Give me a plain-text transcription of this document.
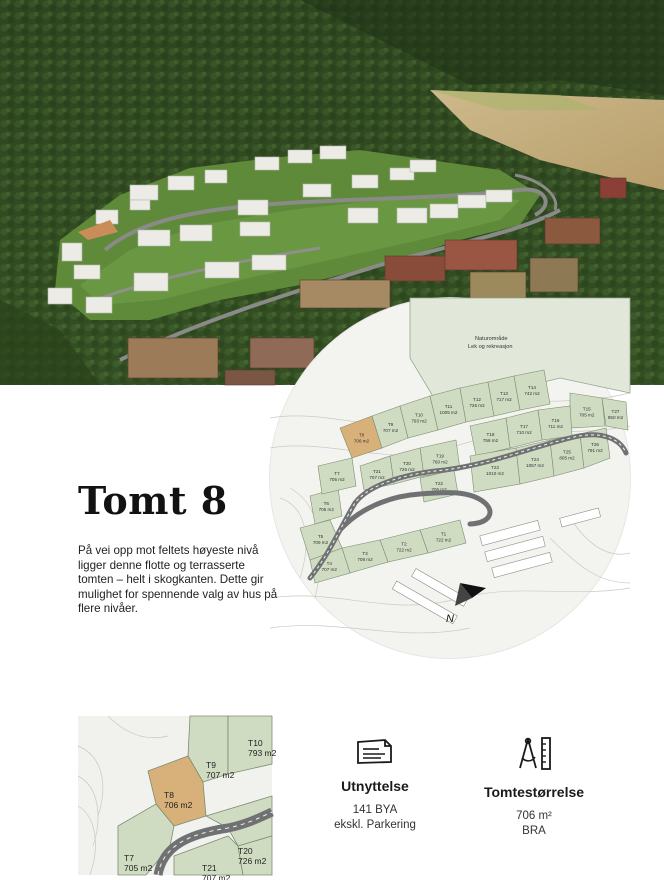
Naturområde
Lek og rekreasjon
T1
722 m2
T2
722 m2
T3
708 m2
T4
707 m2
T5
709 m2
T6
705 m2
T7
705 m2
T8
706 m2
T9
707 m2
T10
793 m2
T11
1005 m2
T12
726 m2
T13
717 m2
T14
742 m2
T15
705 m2
T16
711 m2
T17
710 m2
T18
758 m2
T19
760 m2
T20
726 m2
T21
707 m2
T22
706 m2
T23
1010 m2
T24
1057 m2
T25
805 m2
T26
791 m2
T27
850 m2
N
Tomt 8

På vei opp mot feltets høyeste nivå ligger denne flotte og terrasserte tomten – helt i skogkanten. Dette gir mulighet for spennende valg av hus på flere nivåer.

T7
705 m2
T8
706 m2
T9
707 m2
T10
793 m2
T20
726 m2
T21
707 m2
Utnyttelse
141 BYA
ekskl. Parkering
Tomtestørrelse
706 m²
BRA
